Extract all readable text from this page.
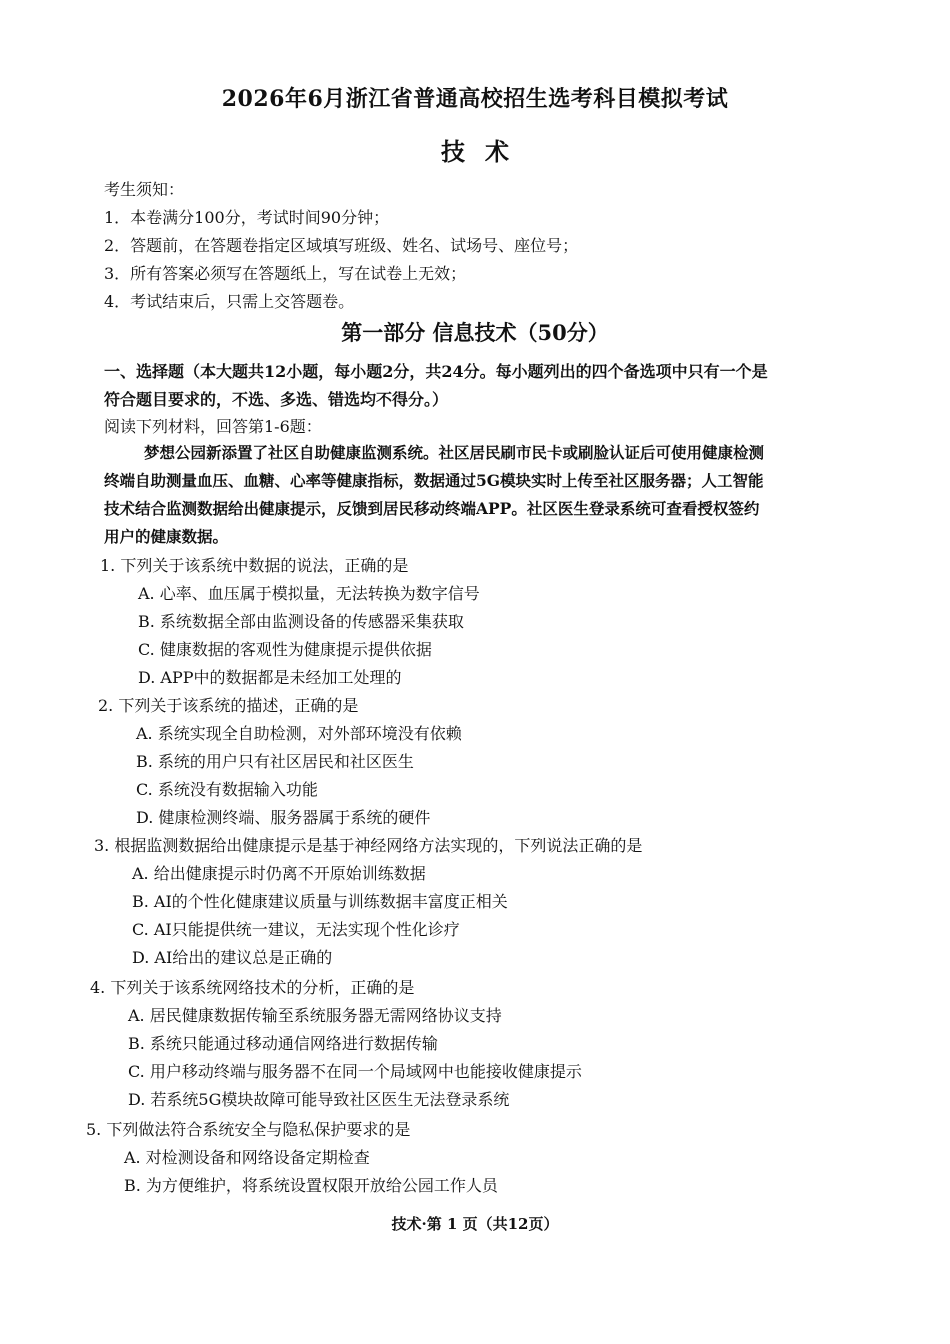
2026年6月浙江省普通高校招生选考科目模拟考试
技术
考生须知：
1．本卷满分100分，考试时间90分钟；
2．答题前，在答题卷指定区域填写班级、姓名、试场号、座位号；
3．所有答案必须写在答题纸上，写在试卷上无效；
4．考试结束后，只需上交答题卷。
第一部分 信息技术（50分）
一、选择题（本大题共12小题，每小题2分，共24分。每小题列出的四个备选项中只有一个是
符合题目要求的，不选、多选、错选均不得分。）
阅读下列材料，回答第1-6题：
梦想公园新添置了社区自助健康监测系统。社区居民刷市民卡或刷脸认证后可使用健康检测
终端自助测量血压、血糖、心率等健康指标，数据通过5G模块实时上传至社区服务器；人工智能
技术结合监测数据给出健康提示，反馈到居民移动终端APP。社区医生登录系统可查看授权签约
用户的健康数据。
1. 下列关于该系统中数据的说法，正确的是
A. 心率、血压属于模拟量，无法转换为数字信号
B. 系统数据全部由监测设备的传感器采集获取
C. 健康数据的客观性为健康提示提供依据
D. APP中的数据都是未经加工处理的
2. 下列关于该系统的描述，正确的是
A. 系统实现全自助检测，对外部环境没有依赖
B. 系统的用户只有社区居民和社区医生
C. 系统没有数据输入功能
D. 健康检测终端、服务器属于系统的硬件
3. 根据监测数据给出健康提示是基于神经网络方法实现的，下列说法正确的是
A. 给出健康提示时仍离不开原始训练数据
B. AI的个性化健康建议质量与训练数据丰富度正相关
C. AI只能提供统一建议，无法实现个性化诊疗
D. AI给出的建议总是正确的
4. 下列关于该系统网络技术的分析，正确的是
A. 居民健康数据传输至系统服务器无需网络协议支持
B. 系统只能通过移动通信网络进行数据传输
C. 用户移动终端与服务器不在同一个局域网中也能接收健康提示
D. 若系统5G模块故障可能导致社区医生无法登录系统
5. 下列做法符合系统安全与隐私保护要求的是
A. 对检测设备和网络设备定期检查
B. 为方便维护，将系统设置权限开放给公园工作人员
技术·第 1 页（共12页）
